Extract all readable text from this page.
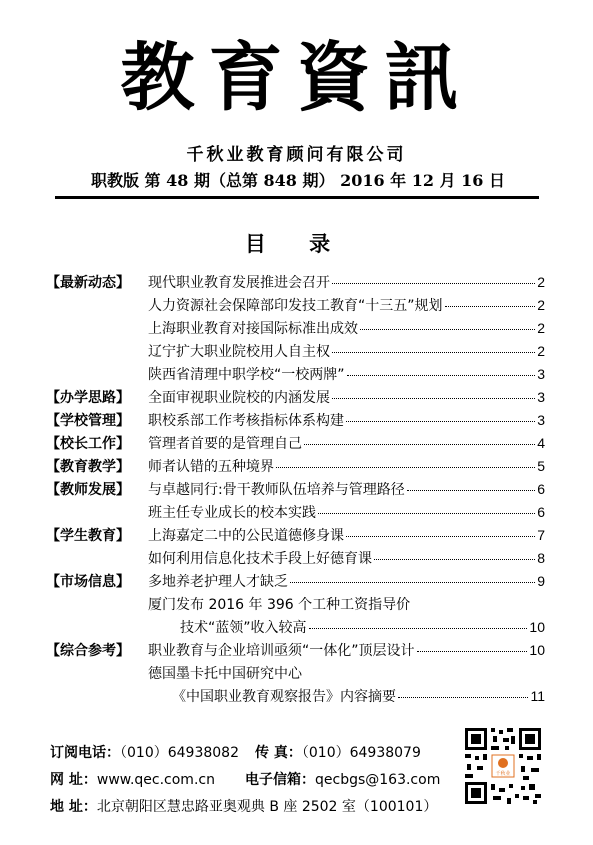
教育資訊
千秋业教育顾问有限公司
职教版 第 48 期（总第 848 期） 2016 年 12 月 16 日
目 录
【最新动态】	现代职业教育发展推进会召开	2
人力资源社会保障部印发技工教育“十三五”规划	2
上海职业教育对接国际标准出成效	2
辽宁扩大职业院校用人自主权	2
陕西省清理中职学校“一校两牌”	3
【办学思路】	全面审视职业院校的内涵发展	3
【学校管理】	职校系部工作考核指标体系构建	3
【校长工作】	管理者首要的是管理自己	4
【教育教学】	师者认错的五种境界	5
【教师发展】	与卓越同行:骨干教师队伍培养与管理路径	6
班主任专业成长的校本实践	6
【学生教育】	上海嘉定二中的公民道德修身课	7
如何利用信息化技术手段上好德育课	8
【市场信息】	多地养老护理人才缺乏	9
厦门发布 2016 年 396 个工种工资指导价
技术“蓝领”收入较高	10
【综合参考】	职业教育与企业培训亟须“一体化”顶层设计	10
德国墨卡托中国研究中心
《中国职业教育观察报告》内容摘要	11
订阅电话：（010）64938082 传 真：（010）64938079
网 址：www.qec.com.cn 电子信箱：qecbgs@163.com
地 址：北京朝阳区慧忠路亚奥观典 B 座 2502 室（100101）
千秋业
